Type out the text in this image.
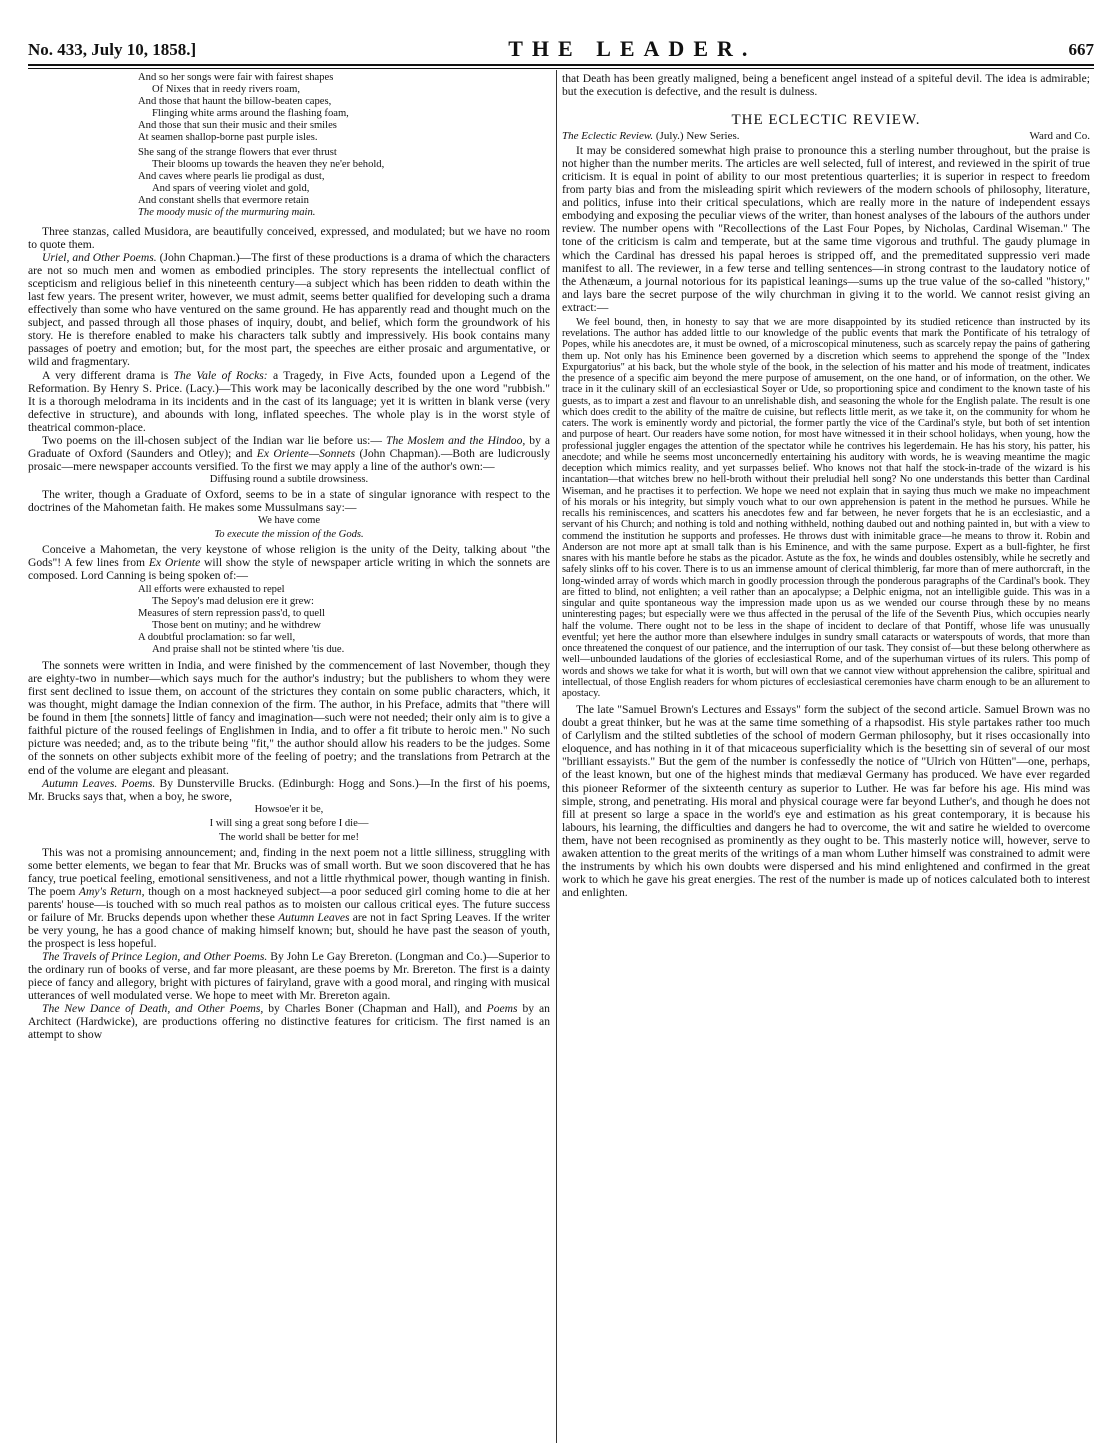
No. 433, July 10, 1858.]	THE LEADER.	667
And so her songs were fair with fairest shapes
Of Nixes that in reedy rivers roam,
And those that haunt the billow-beaten capes,
Flinging white arms around the flashing foam,
And those that sun their music and their smiles
At seamen shallop-borne past purple isles.
She sang of the strange flowers that ever thrust
Their blooms up towards the heaven they ne'er behold,
And caves where pearls lie prodigal as dust,
And spars of veering violet and gold,
And constant shells that evermore retain
The moody music of the murmuring main.

Three stanzas, called Musidora, are beautifully conceived, expressed, and modulated; but we have no room to quote them.

Uriel, and Other Poems. (John Chapman.)—The first of these productions is a drama of which the characters are not so much men and women as embodied principles. The story represents the intellectual conflict of scepticism and religious belief in this nineteenth century—a subject which has been ridden to death within the last few years. The present writer, however, we must admit, seems better qualified for developing such a drama effectively than some who have ventured on the same ground. He has apparently read and thought much on the subject, and passed through all those phases of inquiry, doubt, and belief, which form the groundwork of his story. He is therefore enabled to make his characters talk subtly and impressively. His book contains many passages of poetry and emotion; but, for the most part, the speeches are either prosaic and argumentative, or wild and fragmentary.

A very different drama is The Vale of Rocks: a Tragedy, in Five Acts, founded upon a Legend of the Reformation. By Henry S. Price. (Lacy.)—This work may be laconically described by the one word "rubbish." It is a thorough melodrama in its incidents and in the cast of its language; yet it is written in blank verse (very defective in structure), and abounds with long, inflated speeches. The whole play is in the worst style of theatrical common-place.

Two poems on the ill-chosen subject of the Indian war lie before us:— The Moslem and the Hindoo, by a Graduate of Oxford (Saunders and Otley); and Ex Oriente—Sonnets (John Chapman).—Both are ludicrously prosaic—mere newspaper accounts versified. To the first we may apply a line of the author's own:—

Diffusing round a subtile drowsiness.

The writer, though a Graduate of Oxford, seems to be in a state of singular ignorance with respect to the doctrines of the Mahometan faith. He makes some Mussulmans say:—

We have come
To execute the mission of the Gods.

Conceive a Mahometan, the very keystone of whose religion is the unity of the Deity, talking about "the Gods"! A few lines from Ex Oriente will show the style of newspaper article writing in which the sonnets are composed. Lord Canning is being spoken of:—

All efforts were exhausted to repel
The Sepoy's mad delusion ere it grew:
Measures of stern repression pass'd, to quell
Those bent on mutiny; and he withdrew
A doubtful proclamation: so far well,
And praise shall not be stinted where 'tis due.

The sonnets were written in India, and were finished by the commencement of last November, though they are eighty-two in number—which says much for the author's industry; but the publishers to whom they were first sent declined to issue them, on account of the strictures they contain on some public characters, which, it was thought, might damage the Indian connexion of the firm. The author, in his Preface, admits that "there will be found in them [the sonnets] little of fancy and imagination—such were not needed; their only aim is to give a faithful picture of the roused feelings of Englishmen in India, and to offer a fit tribute to heroic men." No such picture was needed; and, as to the tribute being "fit," the author should allow his readers to be the judges. Some of the sonnets on other subjects exhibit more of the feeling of poetry; and the translations from Petrarch at the end of the volume are elegant and pleasant.

Autumn Leaves. Poems. By Dunsterville Brucks. (Edinburgh: Hogg and Sons.)—In the first of his poems, Mr. Brucks says that, when a boy, he swore,

Howsoe'er it be,
I will sing a great song before I die—
The world shall be better for me!

This was not a promising announcement; and, finding in the next poem not a little silliness, struggling with some better elements, we began to fear that Mr. Brucks was of small worth. But we soon discovered that he has fancy, true poetical feeling, emotional sensitiveness, and not a little rhythmical power, though wanting in finish. The poem Amy's Return, though on a most hackneyed subject—a poor seduced girl coming home to die at her parents' house—is touched with so much real pathos as to moisten our callous critical eyes. The future success or failure of Mr. Brucks depends upon whether these Autumn Leaves are not in fact Spring Leaves. If the writer be very young, he has a good chance of making himself known; but, should he have past the season of youth, the prospect is less hopeful.

The Travels of Prince Legion, and Other Poems. By John Le Gay Brereton. (Longman and Co.)—Superior to the ordinary run of books of verse, and far more pleasant, are these poems by Mr. Brereton. The first is a dainty piece of fancy and allegory, bright with pictures of fairyland, grave with a good moral, and ringing with musical utterances of well modulated verse. We hope to meet with Mr. Brereton again.

The New Dance of Death, and Other Poems, by Charles Boner (Chapman and Hall), and Poems by an Architect (Hardwicke), are productions offering no distinctive features for criticism. The first named is an attempt to show

that Death has been greatly maligned, being a beneficent angel instead of a spiteful devil. The idea is admirable; but the execution is defective, and the result is dulness.

THE ECLECTIC REVIEW.
The Eclectic Review. (July.) New Series.	Ward and Co.

It may be considered somewhat high praise to pronounce this a sterling number throughout, but the praise is not higher than the number merits. The articles are well selected, full of interest, and reviewed in the spirit of true criticism. It is equal in point of ability to our most pretentious quarterlies; it is superior in respect to freedom from party bias and from the misleading spirit which reviewers of the modern schools of philosophy, literature, and politics, infuse into their critical speculations, which are really more in the nature of independent essays embodying and exposing the peculiar views of the writer, than honest analyses of the labours of the authors under review. The number opens with "Recollections of the Last Four Popes, by Nicholas, Cardinal Wiseman." The tone of the criticism is calm and temperate, but at the same time vigorous and truthful. The gaudy plumage in which the Cardinal has dressed his papal heroes is stripped off, and the premeditated suppressio veri made manifest to all. The reviewer, in a few terse and telling sentences—in strong contrast to the laudatory notice of the Athenæum, a journal notorious for its papistical leanings—sums up the true value of the so-called "history," and lays bare the secret purpose of the wily churchman in giving it to the world. We cannot resist giving an extract:—

We feel bound, then, in honesty to say that we are more disappointed by its studied reticence than instructed by its revelations. The author has added little to our knowledge of the public events that mark the Pontificate of his tetralogy of Popes, while his anecdotes are, it must be owned, of a microscopical minuteness, such as scarcely repay the pains of gathering them up. Not only has his Eminence been governed by a discretion which seems to apprehend the sponge of the "Index Expurgatorius" at his back, but the whole style of the book, in the selection of his matter and his mode of treatment, indicates the presence of a specific aim beyond the mere purpose of amusement, on the one hand, or of information, on the other. We trace in it the culinary skill of an ecclesiastical Soyer or Ude, so proportioning spice and condiment to the known taste of his guests, as to impart a zest and flavour to an unrelishable dish, and seasoning the whole for the English palate. The result is one which does credit to the ability of the maître de cuisine, but reflects little merit, as we take it, on the community for whom he caters. The work is eminently wordy and pictorial, the former partly the vice of the Cardinal's style, but both of set intention and purpose of heart. Our readers have some notion, for most have witnessed it in their school holidays, when young, how the professional juggler engages the attention of the spectator while he contrives his legerdemain. He has his story, his patter, his anecdote; and while he seems most unconcernedly entertaining his auditory with words, he is weaving meantime the magic deception which mimics reality, and yet surpasses belief. Who knows not that half the stock-in-trade of the wizard is his incantation—that witches brew no hell-broth without their preludial hell song? No one understands this better than Cardinal Wiseman, and he practises it to perfection. We hope we need not explain that in saying thus much we make no impeachment of his morals or his integrity, but simply vouch what to our own apprehension is patent in the method he pursues. While he recalls his reminiscences, and scatters his anecdotes few and far between, he never forgets that he is an ecclesiastic, and a servant of his Church; and nothing is told and nothing withheld, nothing daubed out and nothing painted in, but with a view to commend the institution he supports and professes. He throws dust with inimitable grace—he means to throw it. Robin and Anderson are not more apt at small talk than is his Eminence, and with the same purpose. Expert as a bull-fighter, he first snares with his mantle before he stabs as the picador. Astute as the fox, he winds and doubles ostensibly, while he secretly and safely slinks off to his cover. There is to us an immense amount of clerical thimblerig, far more than of mere authorcraft, in the long-winded array of words which march in goodly procession through the ponderous paragraphs of the Cardinal's book. They are fitted to blind, not enlighten; a veil rather than an apocalypse; a Delphic enigma, not an intelligible guide. This was in a singular and quite spontaneous way the impression made upon us as we wended our course through these by no means uninteresting pages; but especially were we thus affected in the perusal of the life of the Seventh Pius, which occupies nearly half the volume. There ought not to be less in the shape of incident to declare of that Pontiff, whose life was unusually eventful; yet here the author more than elsewhere indulges in sundry small cataracts or waterspouts of words, that more than once threatened the conquest of our patience, and the interruption of our task. They consist of—but these belong otherwhere as well—unbounded laudations of the glories of ecclesiastical Rome, and of the superhuman virtues of its rulers. This pomp of words and shows we take for what it is worth, but will own that we cannot view without apprehension the calibre, spiritual and intellectual, of those English readers for whom pictures of ecclesiastical ceremonies have charm enough to be an allurement to apostacy.

The late "Samuel Brown's Lectures and Essays" form the subject of the second article. Samuel Brown was no doubt a great thinker, but he was at the same time something of a rhapsodist. His style partakes rather too much of Carlylism and the stilted subtleties of the school of modern German philosophy, but it rises occasionally into eloquence, and has nothing in it of that micaceous superficiality which is the besetting sin of several of our most "brilliant essayists." But the gem of the number is confessedly the notice of "Ulrich von Hütten"—one, perhaps, of the least known, but one of the highest minds that mediæval Germany has produced. We have ever regarded this pioneer Reformer of the sixteenth century as superior to Luther. He was far before his age. His mind was simple, strong, and penetrating. His moral and physical courage were far beyond Luther's, and though he does not fill at present so large a space in the world's eye and estimation as his great contemporary, it is because his labours, his learning, the difficulties and dangers he had to overcome, the wit and satire he wielded to overcome them, have not been recognised as prominently as they ought to be. This masterly notice will, however, serve to awaken attention to the great merits of the writings of a man whom Luther himself was constrained to admit were the instruments by which his own doubts were dispersed and his mind enlightened and confirmed in the great work to which he gave his great energies. The rest of the number is made up of notices calculated both to interest and enlighten.
